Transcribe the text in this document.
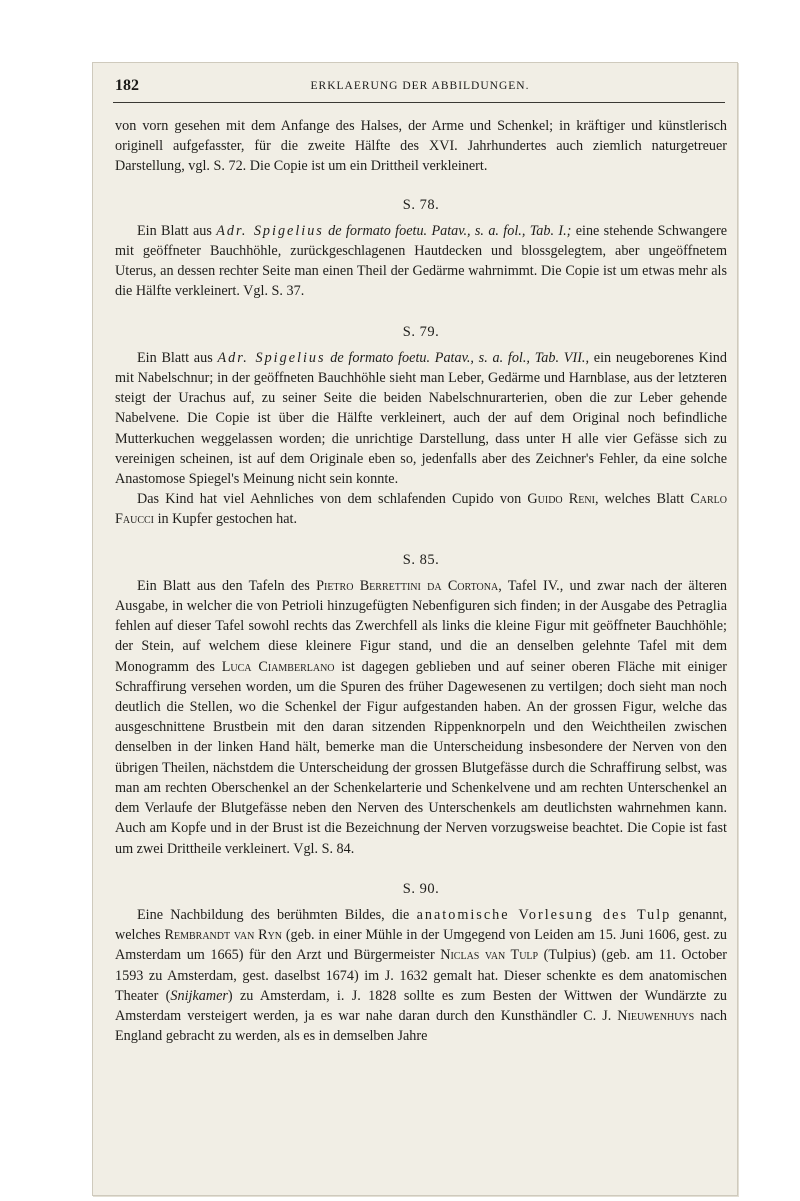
182	ERKLAERUNG DER ABBILDUNGEN.

von vorn gesehen mit dem Anfange des Halses, der Arme und Schenkel; in kräftiger und künstlerisch originell aufgefasster, für die zweite Hälfte des XVI. Jahrhundertes auch ziemlich naturgetreuer Darstellung, vgl. S. 72. Die Copie ist um ein Drittheil verkleinert.

S. 78.

Ein Blatt aus Adr. Spigelius de formato foetu. Patav., s. a. fol., Tab. I.; eine stehende Schwangere mit geöffneter Bauchhöhle, zurückgeschlagenen Hautdecken und blossgelegtem, aber ungeöffnetem Uterus, an dessen rechter Seite man einen Theil der Gedärme wahrnimmt. Die Copie ist um etwas mehr als die Hälfte verkleinert. Vgl. S. 37.

S. 79.

Ein Blatt aus Adr. Spigelius de formato foetu. Patav., s. a. fol., Tab. VII., ein neugeborenes Kind mit Nabelschnur; in der geöffneten Bauchhöhle sieht man Leber, Gedärme und Harnblase, aus der letzteren steigt der Urachus auf, zu seiner Seite die beiden Nabelschnurarterien, oben die zur Leber gehende Nabelvene. Die Copie ist über die Hälfte verkleinert, auch der auf dem Original noch befindliche Mutterkuchen weggelassen worden; die unrichtige Darstellung, dass unter H alle vier Gefässe sich zu vereinigen scheinen, ist auf dem Originale eben so, jedenfalls aber des Zeichner's Fehler, da eine solche Anastomose Spiegel's Meinung nicht sein konnte.

Das Kind hat viel Aehnliches von dem schlafenden Cupido von Guido Reni, welches Blatt Carlo Faucci in Kupfer gestochen hat.

S. 85.

Ein Blatt aus den Tafeln des Pietro Berrettini da Cortona, Tafel IV., und zwar nach der älteren Ausgabe, in welcher die von Petrioli hinzugefügten Nebenfiguren sich finden; in der Ausgabe des Petraglia fehlen auf dieser Tafel sowohl rechts das Zwerchfell als links die kleine Figur mit geöffneter Bauchhöhle; der Stein, auf welchem diese kleinere Figur stand, und die an denselben gelehnte Tafel mit dem Monogramm des Luca Ciamberlano ist dagegen geblieben und auf seiner oberen Fläche mit einiger Schraffirung versehen worden, um die Spuren des früher Dagewesenen zu vertilgen; doch sieht man noch deutlich die Stellen, wo die Schenkel der Figur aufgestanden haben. An der grossen Figur, welche das ausgeschnittene Brustbein mit den daran sitzenden Rippenknorpeln und den Weichtheilen zwischen denselben in der linken Hand hält, bemerke man die Unterscheidung insbesondere der Nerven von den übrigen Theilen, nächstdem die Unterscheidung der grossen Blutgefässe durch die Schraffirung selbst, was man am rechten Oberschenkel an der Schenkelarterie und Schenkelvene und am rechten Unterschenkel an dem Verlaufe der Blutgefässe neben den Nerven des Unterschenkels am deutlichsten wahrnehmen kann. Auch am Kopfe und in der Brust ist die Bezeichnung der Nerven vorzugsweise beachtet. Die Copie ist fast um zwei Drittheile verkleinert. Vgl. S. 84.

S. 90.

Eine Nachbildung des berühmten Bildes, die anatomische Vorlesung des Tulp genannt, welches Rembrandt van Ryn (geb. in einer Mühle in der Umgegend von Leiden am 15. Juni 1606, gest. zu Amsterdam um 1665) für den Arzt und Bürgermeister Niclas van Tulp (Tulpius) (geb. am 11. October 1593 zu Amsterdam, gest. daselbst 1674) im J. 1632 gemalt hat. Dieser schenkte es dem anatomischen Theater (Snijkamer) zu Amsterdam, i. J. 1828 sollte es zum Besten der Wittwen der Wundärzte zu Amsterdam versteigert werden, ja es war nahe daran durch den Kunsthändler C. J. Nieuwenhuys nach England gebracht zu werden, als es in demselben Jahre
